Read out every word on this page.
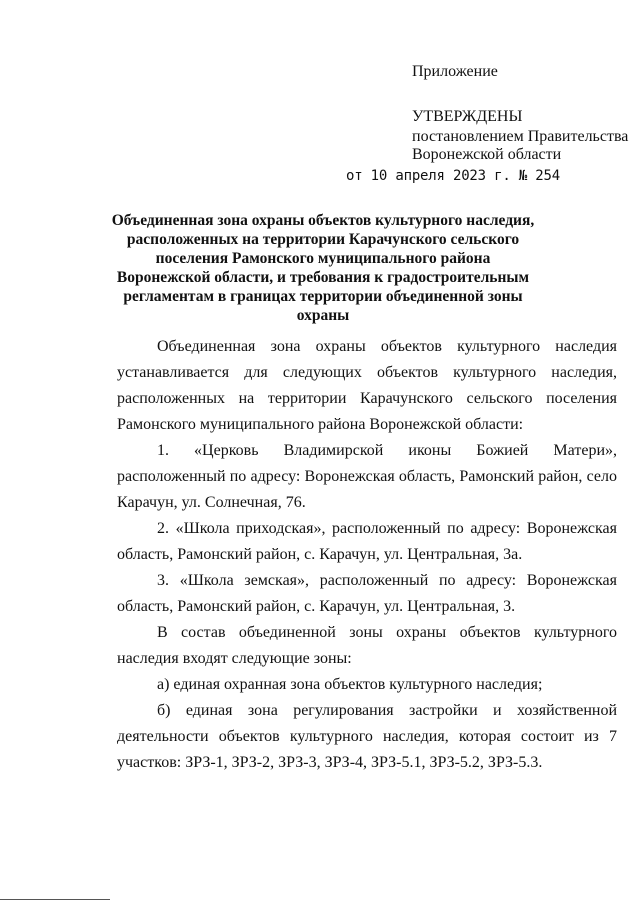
Приложение
УТВЕРЖДЕНЫ
постановлением Правительства
Воронежской области
от 10 апреля 2023 г. № 254
Объединенная зона охраны объектов культурного наследия, расположенных на территории Карачунского сельского поселения Рамонского муниципального района Воронежской области, и требования к градостроительным регламентам в границах территории объединенной зоны охраны

Объединенная зона охраны объектов культурного наследия устанавливается для следующих объектов культурного наследия, расположенных на территории Карачунского сельского поселения Рамонского муниципального района Воронежской области:

1. «Церковь Владимирской иконы Божией Матери», расположенный по адресу: Воронежская область, Рамонский район, село Карачун, ул. Солнечная, 76.

2. «Школа приходская», расположенный по адресу: Воронежская область, Рамонский район, с. Карачун, ул. Центральная, 3а.

3. «Школа земская», расположенный по адресу: Воронежская область, Рамонский район, с. Карачун, ул. Центральная, 3.

В состав объединенной зоны охраны объектов культурного наследия входят следующие зоны:

а) единая охранная зона объектов культурного наследия;

б) единая зона регулирования застройки и хозяйственной деятельности объектов культурного наследия, которая состоит из 7 участков: ЗРЗ-1, ЗРЗ-2, ЗРЗ-3, ЗРЗ-4, ЗРЗ-5.1, ЗРЗ-5.2, ЗРЗ-5.3.
